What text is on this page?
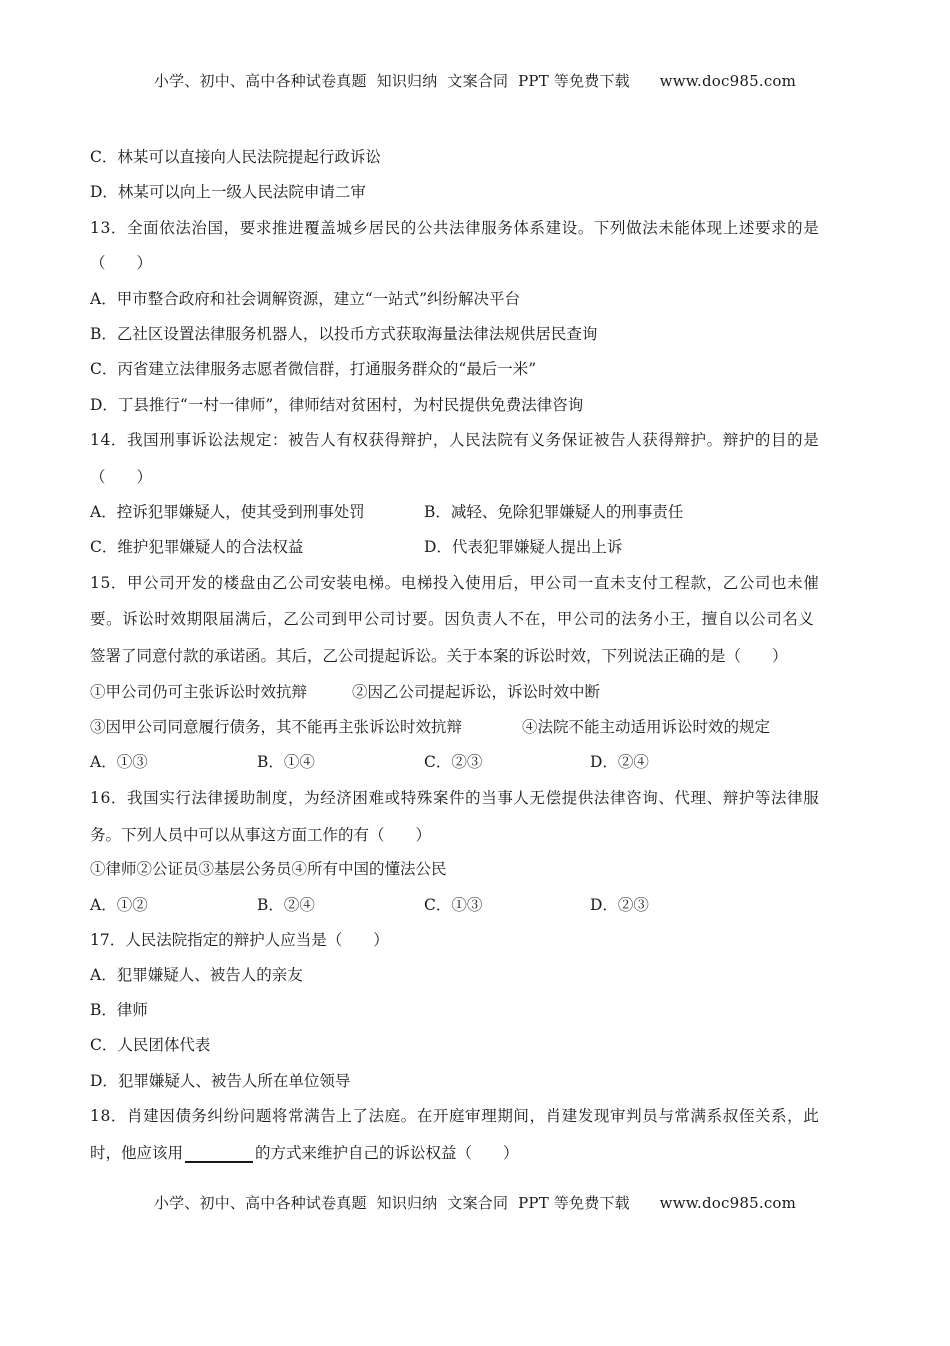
小学、初中、高中各种试卷真题  知识归纳  文案合同  PPT 等免费下载      www.doc985.com
C．林某可以直接向人民法院提起行政诉讼
D．林某可以向上一级人民法院申请二审
13．全面依法治国，要求推进覆盖城乡居民的公共法律服务体系建设。下列做法未能体现上述要求的是
（　　）
A．甲市整合政府和社会调解资源，建立“一站式”纠纷解决平台
B．乙社区设置法律服务机器人，以投币方式获取海量法律法规供居民查询
C．丙省建立法律服务志愿者微信群，打通服务群众的“最后一米”
D．丁县推行“一村一律师”，律师结对贫困村，为村民提供免费法律咨询
14．我国刑事诉讼法规定：被告人有权获得辩护，人民法院有义务保证被告人获得辩护。辩护的目的是
（　　）
A．控诉犯罪嫌疑人，使其受到刑事处罚	B．减轻、免除犯罪嫌疑人的刑事责任
C．维护犯罪嫌疑人的合法权益	D．代表犯罪嫌疑人提出上诉
15．甲公司开发的楼盘由乙公司安装电梯。电梯投入使用后，甲公司一直未支付工程款，乙公司也未催
要。诉讼时效期限届满后，乙公司到甲公司讨要。因负责人不在，甲公司的法务小王，擅自以公司名义
签署了同意付款的承诺函。其后，乙公司提起诉讼。关于本案的诉讼时效，下列说法正确的是（　　）
①甲公司仍可主张诉讼时效抗辩	②因乙公司提起诉讼，诉讼时效中断
③因甲公司同意履行债务，其不能再主张诉讼时效抗辩	④法院不能主动适用诉讼时效的规定
A．①③	B．①④	C．②③	D．②④
16．我国实行法律援助制度，为经济困难或特殊案件的当事人无偿提供法律咨询、代理、辩护等法律服
务。下列人员中可以从事这方面工作的有（　　）
①律师②公证员③基层公务员④所有中国的懂法公民
A．①②	B．②④	C．①③	D．②③
17．人民法院指定的辩护人应当是（　　）
A．犯罪嫌疑人、被告人的亲友
B．律师
C．人民团体代表
D．犯罪嫌疑人、被告人所在单位领导
18．肖建因债务纠纷问题将常满告上了法庭。在开庭审理期间，肖建发现审判员与常满系叔侄关系，此
时，他应该用	的方式来维护自己的诉讼权益（　　）
小学、初中、高中各种试卷真题  知识归纳  文案合同  PPT 等免费下载      www.doc985.com
